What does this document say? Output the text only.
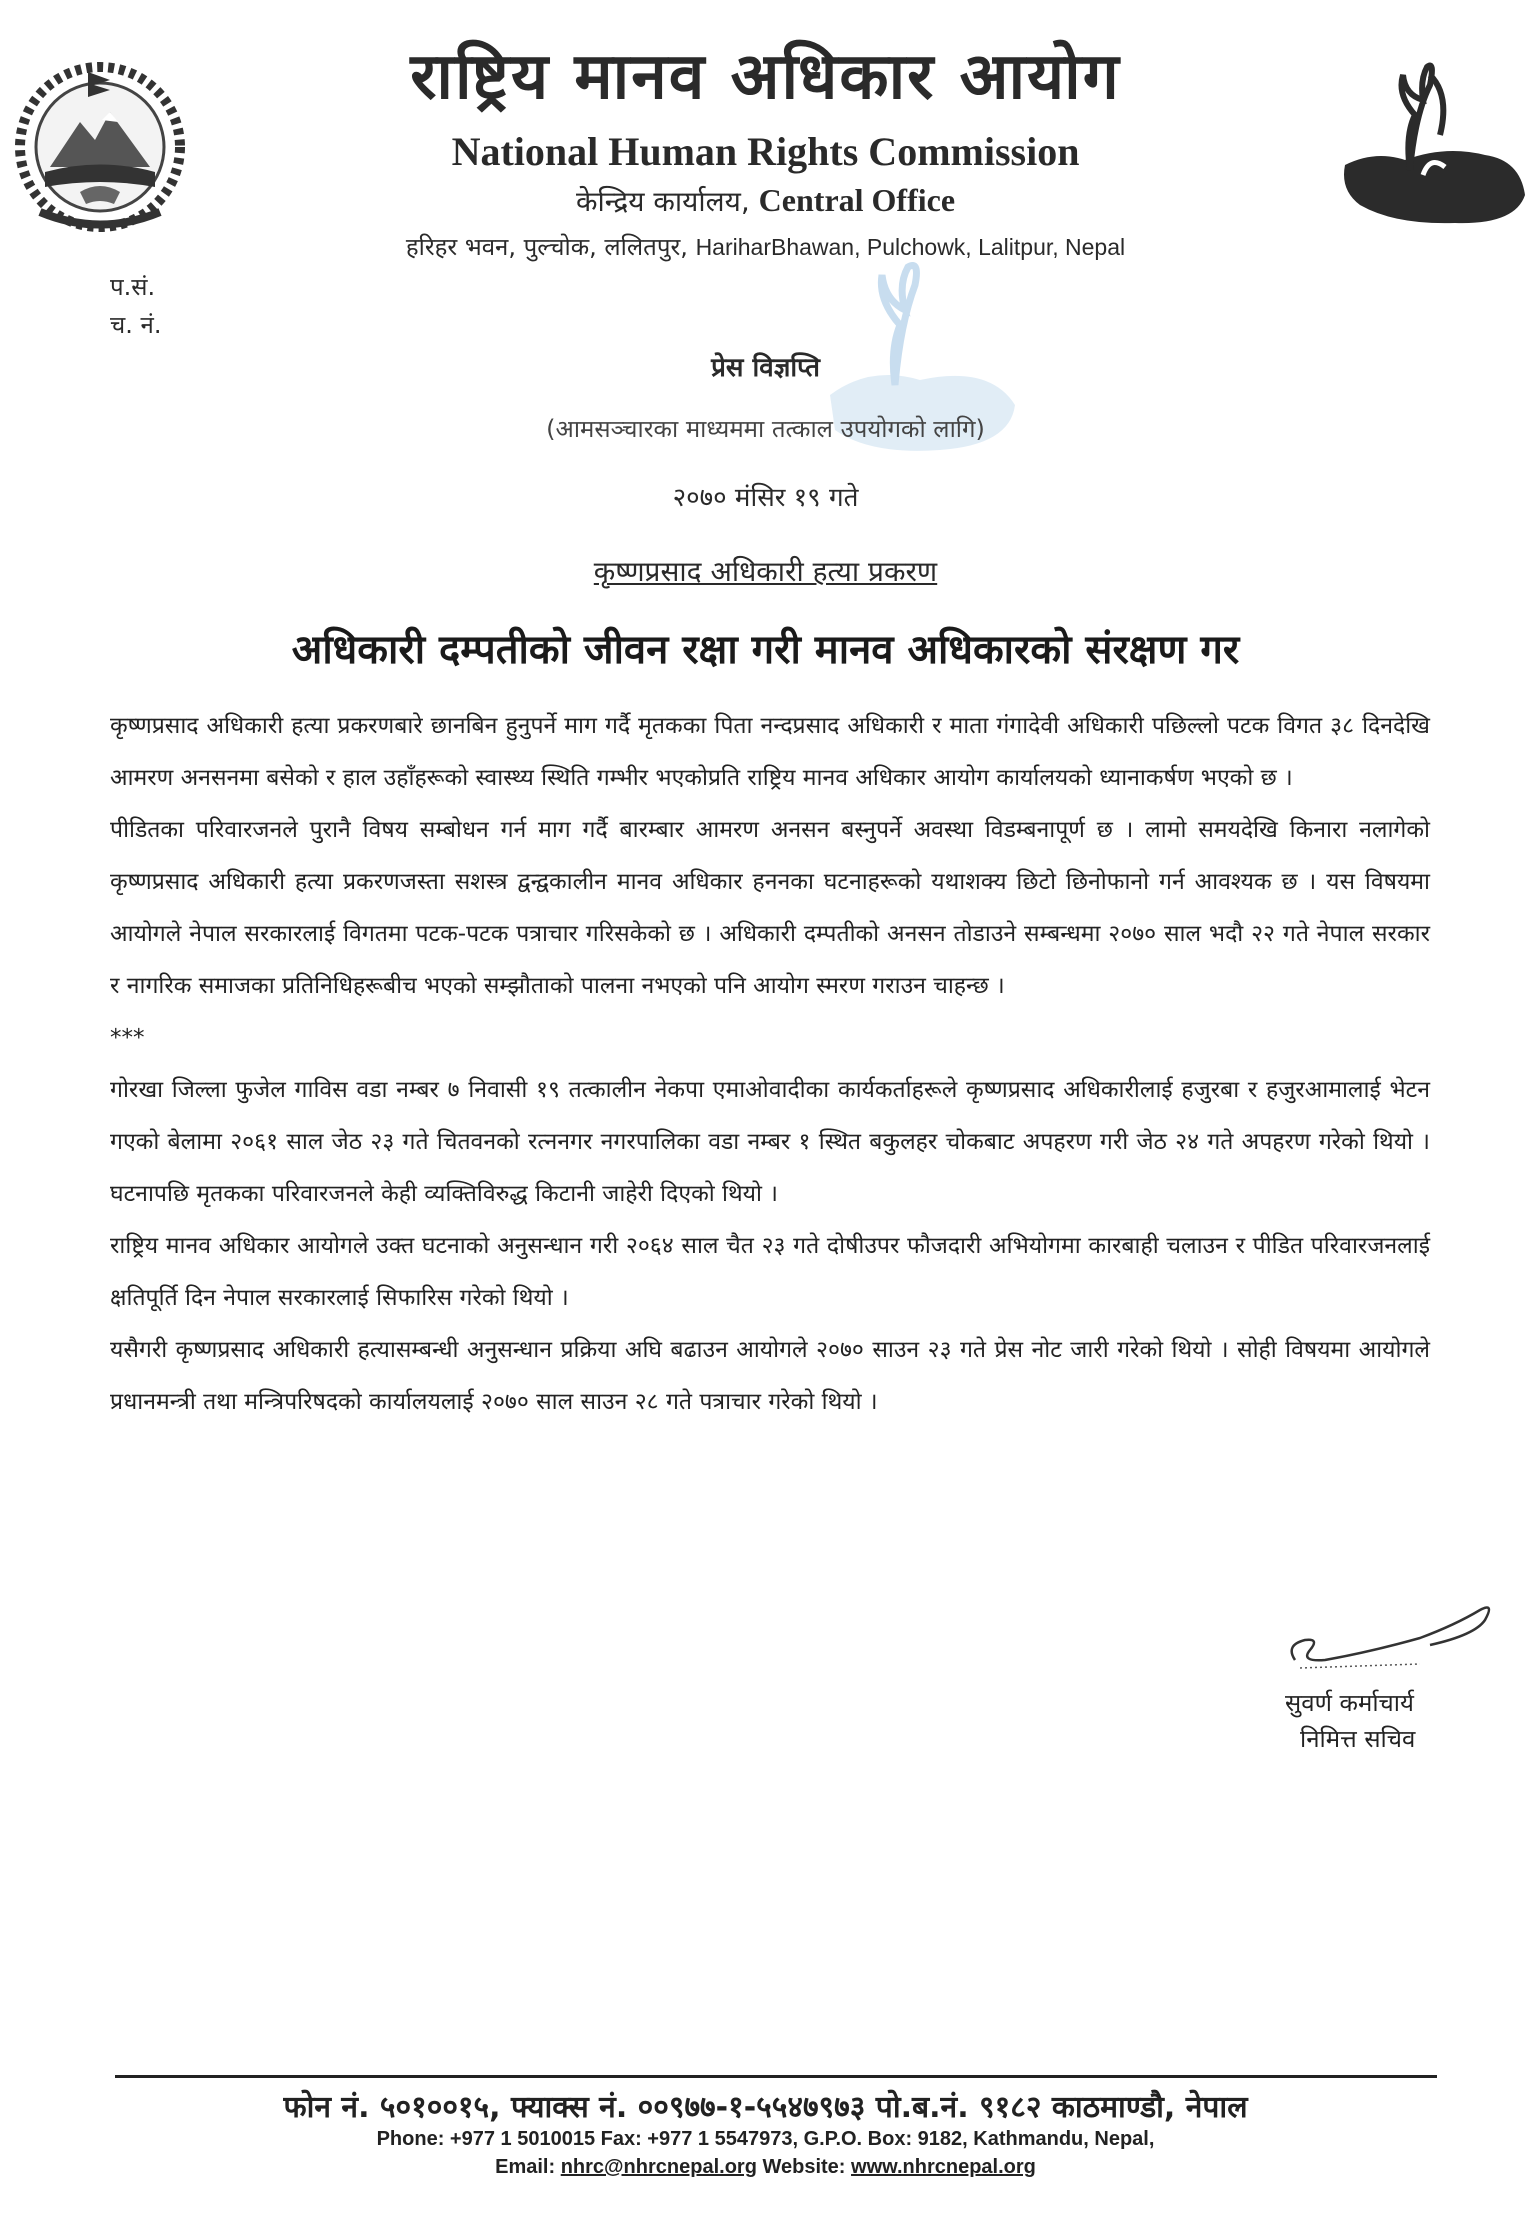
राष्ट्रिय मानव अधिकार आयोग
National Human Rights Commission
केन्द्रिय कार्यालय, Central Office
हरिहर भवन, पुल्चोक, ललितपुर, HariharBhawan, Pulchowk, Lalitpur, Nepal
प.सं.
च. नं.
प्रेस विज्ञप्ति
(आमसञ्चारका माध्यममा तत्काल उपयोगको लागि)
२०७० मंसिर १९ गते
कृष्णप्रसाद अधिकारी हत्या प्रकरण
अधिकारी दम्पतीको जीवन रक्षा गरी मानव अधिकारको संरक्षण गर

कृष्णप्रसाद अधिकारी हत्या प्रकरणबारे छानबिन हुनुपर्ने माग गर्दै मृतकका पिता नन्दप्रसाद अधिकारी र माता गंगादेवी अधिकारी पछिल्लो पटक विगत ३८ दिनदेखि आमरण अनसनमा बसेको र हाल उहाँहरूको स्वास्थ्य स्थिति गम्भीर भएकोप्रति राष्ट्रिय मानव अधिकार आयोग कार्यालयको ध्यानाकर्षण भएको छ ।

पीडितका परिवारजनले पुरानै विषय सम्बोधन गर्न माग गर्दै बारम्बार आमरण अनसन बस्नुपर्ने अवस्था विडम्बनापूर्ण छ । लामो समयदेखि किनारा नलागेको कृष्णप्रसाद अधिकारी हत्या प्रकरणजस्ता सशस्त्र द्वन्द्वकालीन मानव अधिकार हननका घटनाहरूको यथाशक्य छिटो छिनोफानो गर्न आवश्यक छ । यस विषयमा आयोगले नेपाल सरकारलाई विगतमा पटक-पटक पत्राचार गरिसकेको छ । अधिकारी दम्पतीको अनसन तोडाउने सम्बन्धमा २०७० साल भदौ २२ गते नेपाल सरकार र नागरिक समाजका प्रतिनिधिहरूबीच भएको सम्झौताको पालना नभएको पनि आयोग स्मरण गराउन चाहन्छ ।

***

गोरखा जिल्ला फुजेल गाविस वडा नम्बर ७ निवासी १९ तत्कालीन नेकपा एमाओवादीका कार्यकर्ताहरूले कृष्णप्रसाद अधिकारीलाई हजुरबा र हजुरआमालाई भेटन गएको बेलामा २०६१ साल जेठ २३ गते चितवनको रत्ननगर नगरपालिका वडा नम्बर १ स्थित बकुलहर चोकबाट अपहरण गरी जेठ २४ गते अपहरण गरेको थियो । घटनापछि मृतकका परिवारजनले केही व्यक्तिविरुद्ध किटानी जाहेरी दिएको थियो ।

राष्ट्रिय मानव अधिकार आयोगले उक्त घटनाको अनुसन्धान गरी २०६४ साल चैत २३ गते दोषीउपर फौजदारी अभियोगमा कारबाही चलाउन र पीडित परिवारजनलाई क्षतिपूर्ति दिन नेपाल सरकारलाई सिफारिस गरेको थियो ।

यसैगरी कृष्णप्रसाद अधिकारी हत्यासम्बन्धी अनुसन्धान प्रक्रिया अघि बढाउन आयोगले २०७० साउन २३ गते प्रेस नोट जारी गरेको थियो । सोही विषयमा आयोगले प्रधानमन्त्री तथा मन्त्रिपरिषदको कार्यालयलाई २०७० साल साउन २८ गते पत्राचार गरेको थियो ।

सुवर्ण कर्माचार्य
निमित्त सचिव
फोन नं. ५०१००१५, फ्याक्स नं. ००९७७-१-५५४७९७३ पो.ब.नं. ९१८२ काठमाण्डौ, नेपाल
Phone: +977 1 5010015 Fax: +977 1 5547973, G.P.O. Box: 9182, Kathmandu, Nepal,
Email: nhrc@nhrcnepal.org Website: www.nhrcnepal.org
